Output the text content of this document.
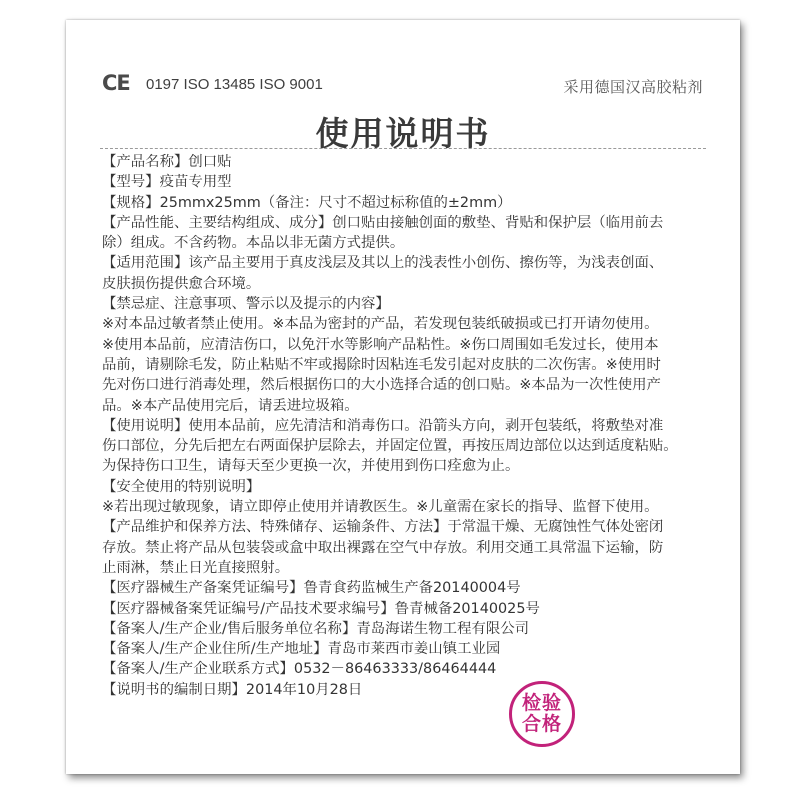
CE 0197 ISO 13485 ISO 9001	采用德国汉高胶粘剂
使用说明书
【产品名称】创口贴
【型号】疫苗专用型
【规格】25mmx25mm（备注：尺寸不超过标称值的±2mm）
【产品性能、主要结构组成、成分】创口贴由接触创面的敷垫、背贴和保护层（临用前去
除）组成。不含药物。本品以非无菌方式提供。
【适用范围】该产品主要用于真皮浅层及其以上的浅表性小创伤、擦伤等，为浅表创面、
皮肤损伤提供愈合环境。
【禁忌症、注意事项、警示以及提示的内容】
※对本品过敏者禁止使用。※本品为密封的产品，若发现包装纸破损或已打开请勿使用。
※使用本品前，应清洁伤口，以免汗水等影响产品粘性。※伤口周围如毛发过长，使用本
品前，请剔除毛发，防止粘贴不牢或揭除时因粘连毛发引起对皮肤的二次伤害。※使用时
先对伤口进行消毒处理，然后根据伤口的大小选择合适的创口贴。※本品为一次性使用产
品。※本产品使用完后，请丢进垃圾箱。
【使用说明】使用本品前，应先清洁和消毒伤口。沿箭头方向，剥开包装纸，将敷垫对准
伤口部位，分先后把左右两面保护层除去，并固定位置，再按压周边部位以达到适度粘贴。
为保持伤口卫生，请每天至少更换一次，并使用到伤口痊愈为止。
【安全使用的特别说明】
※若出现过敏现象，请立即停止使用并请教医生。※儿童需在家长的指导、监督下使用。
【产品维护和保养方法、特殊储存、运输条件、方法】于常温干燥、无腐蚀性气体处密闭
存放。禁止将产品从包装袋或盒中取出裸露在空气中存放。利用交通工具常温下运输，防
止雨淋，禁止日光直接照射。
【医疗器械生产备案凭证编号】鲁青食药监械生产备20140004号
【医疗器械备案凭证编号/产品技术要求编号】鲁青械备20140025号
【备案人/生产企业/售后服务单位名称】青岛海诺生物工程有限公司
【备案人/生产企业住所/生产地址】青岛市莱西市姜山镇工业园
【备案人/生产企业联系方式】0532－86463333/86464444
【说明书的编制日期】2014年10月28日
检验
合格
